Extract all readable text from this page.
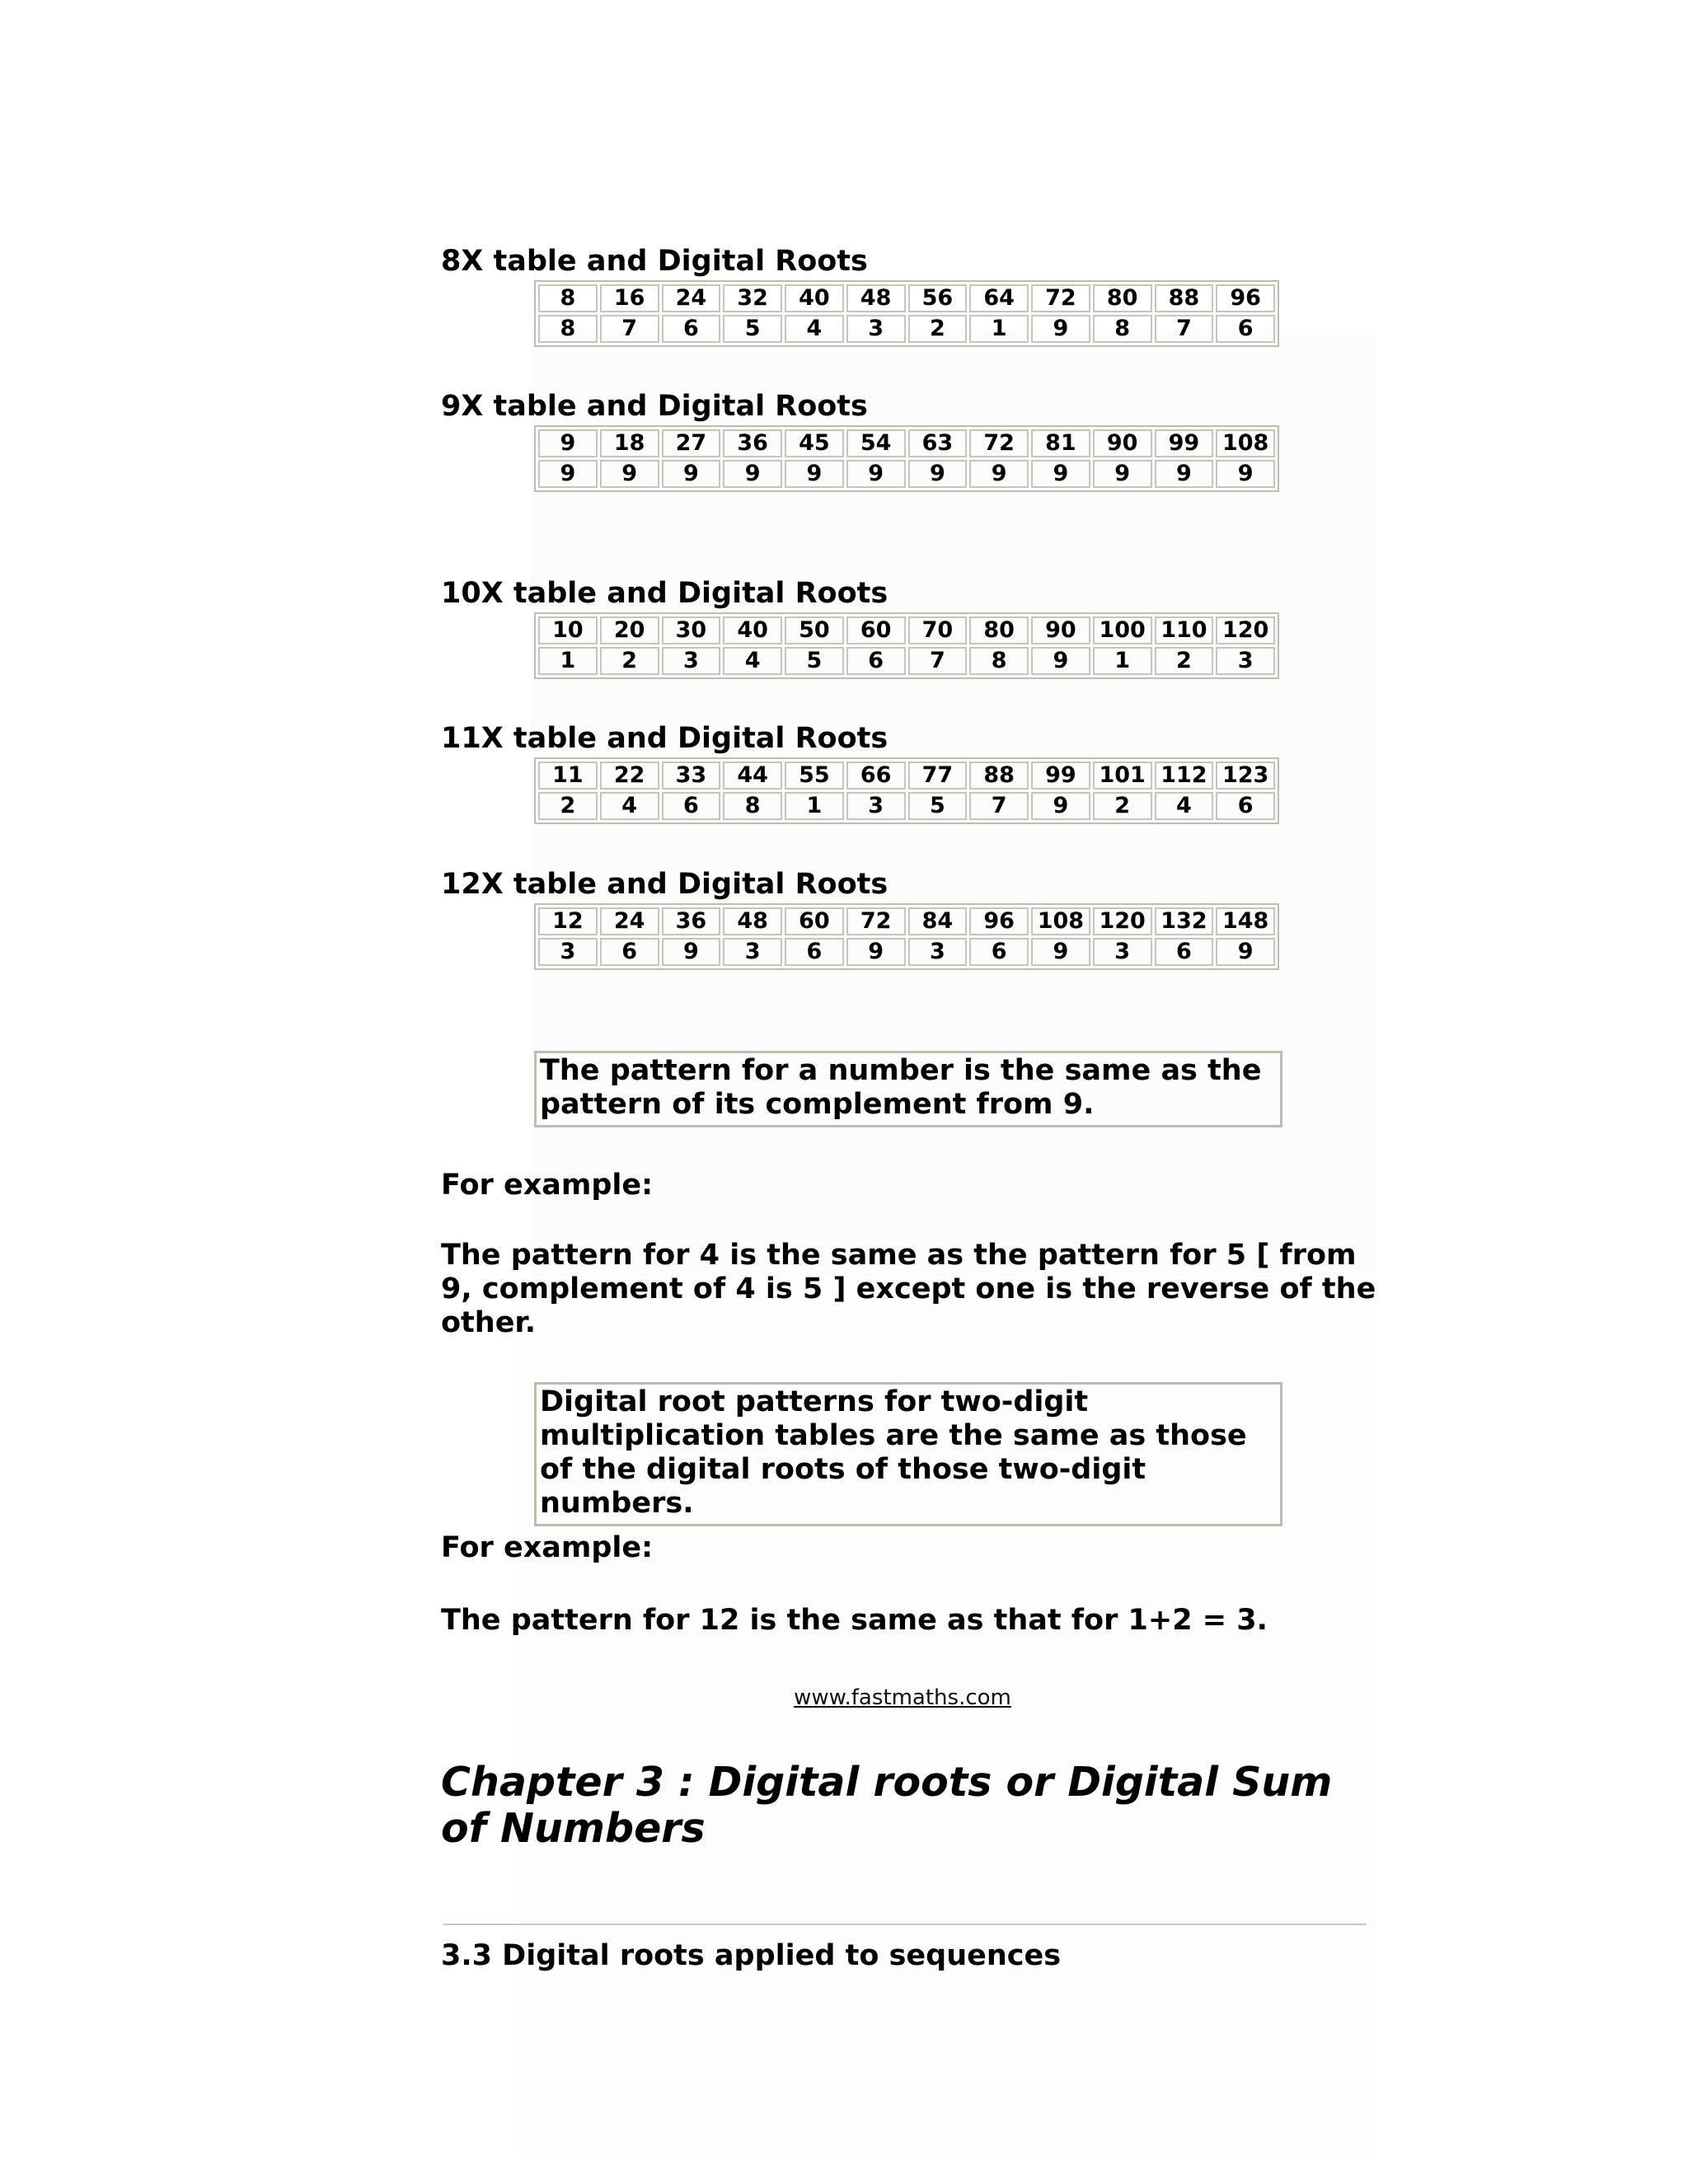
8X table and Digital Roots
8	16	24	32	40	48	56	64	72	80	88	96
8	7	6	5	4	3	2	1	9	8	7	6
9X table and Digital Roots
9	18	27	36	45	54	63	72	81	90	99	108
9	9	9	9	9	9	9	9	9	9	9	9
10X table and Digital Roots
10	20	30	40	50	60	70	80	90	100	110	120
1	2	3	4	5	6	7	8	9	1	2	3
11X table and Digital Roots
11	22	33	44	55	66	77	88	99	101	112	123
2	4	6	8	1	3	5	7	9	2	4	6
12X table and Digital Roots
12	24	36	48	60	72	84	96	108	120	132	148
3	6	9	3	6	9	3	6	9	3	6	9
The pattern for a number is the same as the pattern of its complement from 9.
For example:
The pattern for 4 is the same as the pattern for 5 [ from 9, complement of 4 is 5 ] except one is the reverse of the other.
Digital root patterns for two-digit multiplication tables are the same as those of the digital roots of those two-digit numbers.
For example:
The pattern for 12 is the same as that for 1+2 = 3.
www.fastmaths.com
Chapter 3 : Digital roots or Digital Sum of Numbers
3.3 Digital roots applied to sequences
